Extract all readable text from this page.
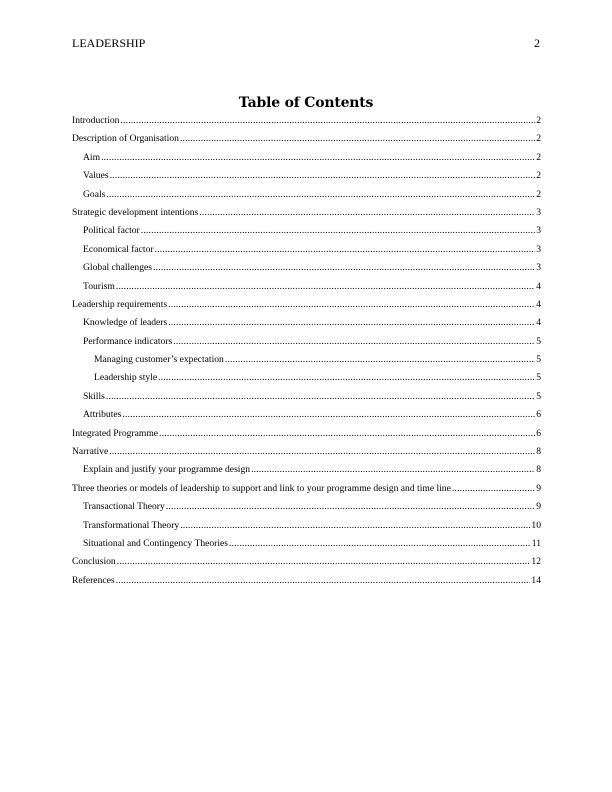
LEADERSHIP	2
Table of Contents
Introduction .....	2
Description of Organisation .....	2
Aim .....	2
Values .....	2
Goals .....	2
Strategic development intentions .....	3
Political factor .....	3
Economical factor .....	3
Global challenges .....	3
Tourism .....	4
Leadership requirements .....	4
Knowledge of leaders .....	4
Performance indicators .....	5
Managing customer’s expectation .....	5
Leadership style .....	5
Skills .....	5
Attributes .....	6
Integrated Programme .....	6
Narrative .....	8
Explain and justify your programme design .....	8
Three theories or models of leadership to support and link to your programme design and time line .....	9
Transactional Theory .....	9
Transformational Theory .....	10
Situational and Contingency Theories .....	11
Conclusion .....	12
References .....	14
